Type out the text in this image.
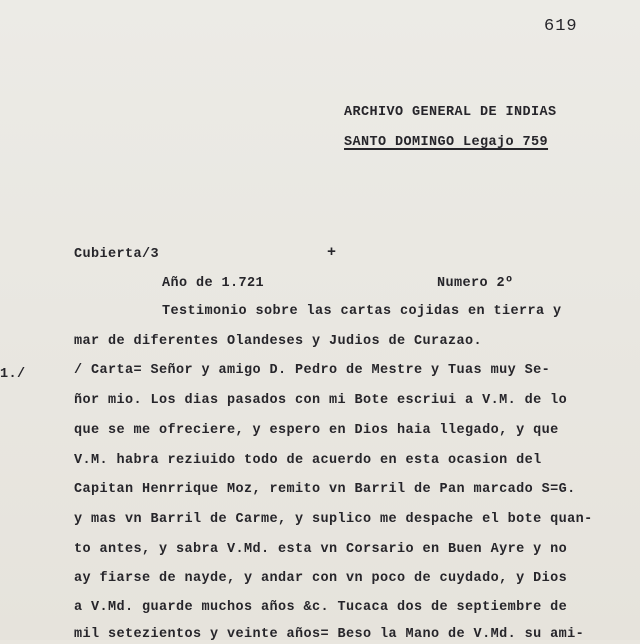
619
ARCHIVO GENERAL DE INDIAS
SANTO DOMINGO Legajo 759
+
Cubierta/3
Año de 1.721	Numero 2º
1./
Testimonio sobre las cartas cojidas en tierra y
mar de diferentes Olandeses y Judios de Curazao.
/ Carta= Señor y amigo D. Pedro de Mestre y Tuas muy Se-
ñor mio. Los dias pasados con mi Bote escriui a V.M. de lo
que se me ofreciere, y espero en Dios haia llegado, y que
V.M. habra reziuido todo de acuerdo en esta ocasion del
Capitan Henrrique Moz, remito vn Barril de Pan marcado S=G.
y mas vn Barril de Carme, y suplico me despache el bote quan-
to antes, y sabra V.Md. esta vn Corsario en Buen Ayre y no
ay fiarse de nayde, y andar con vn poco de cuydado, y Dios
a V.Md. guarde muchos años &c. Tucaca dos de septiembre de
mil setezientos y veinte años= Beso la Mano de V.Md. su ami-
